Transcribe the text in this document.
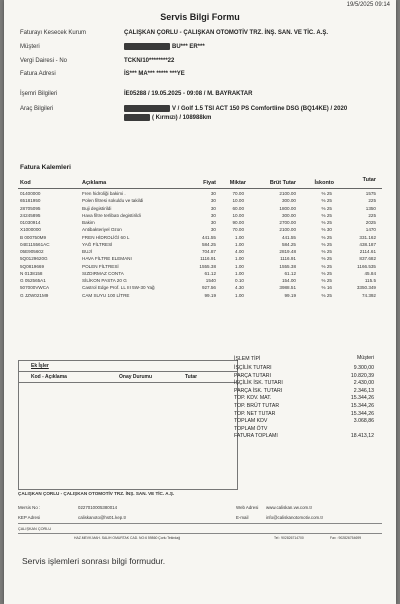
19/5/2025 09:14
Servis Bilgi Formu
Faturayı Kesecek Kurum	ÇALIŞKAN ÇORLU - ÇALIŞKAN OTOMOTİV TRZ. İNŞ. SAN. VE TİC. A.Ş.
Müşteri	BU*** ER***
Vergi Dairesi - No	TCKN/10********22
Fatura Adresi	İS*** MA*** ***** ***YE
İşemri Bilgileri	İE05288 / 19.05.2025 - 09:08 / M. BAYRAKTAR
Araç Bilgileri	V / Golf 1.5 TSI ACT 150 PS Comfortline DSG (BQ14KE) / 2020
( Kırmızı) / 108988km
Fatura Kalemleri
Kod	Açıklama	Fiyat	Miktar	Brüt Tutar	İskonto	Tutar
01400000	Fren hidroliği bakimi .	30	70.00	2100.00	% 25	1575
65181950	Polen filtresi sokuldu ve takildi	30	10.00	300.00	% 25	225
28705095	Buji degistirildi	30	60.00	1800.00	% 25	1350
24245895	Hava filtre terlibatı degistirildi	30	10.00	300.00	% 25	225
01030914	Bakim	30	90.00	2700.00	% 25	2025
X1000000	Antibakteriyel Ozon	30	70.00	2100.00	% 30	1470
B 000750M9	FREN HİDROLİĞİ 60 L	441.55	1.00	441.55	% 25	331.162
04E115561AC	YAĞ FİLTRESİ	584.25	1.00	584.25	% 25	438.187
05E905602	BUJİ	704.87	4.00	2819.48	% 25	2114.61
5Q0129620G	HAVA FİLTRE ELEMANI	1116.91	1.00	1116.91	% 25	837.682
5Q0819669	POLEN FİLTRESİ	1555.38	1.00	1555.38	% 25	1166.535
N 0138158	SIZDIRMAZ CONTA	61.12	1.00	61.12	% 25	45.84
G 052565A1	SİLİKON PASTA 20 G	1540	0.10	154.00	% 25	115.5
507000VWCA	Castrol Edge Prof. LL III 5W-30 Yağ	927.56	4.30	3988.51	% 16	3350.349
G JZW021M9	CAM SUYU 100 LİTRE	99.19	1.00	99.19	% 25	74.392
Ek İşler
Kod - Açıklama	Onay Durumu	Tutar
İŞLEM TİPİ	Müşteri
İŞÇİLİK TUTARI	9.300,00
PARÇA TUTARI	10.820,39
İŞÇİLİK İSK. TUTARI	2.430,00
PARÇA İSK. TUTARI	2.346,13
TOP. KDV. MAT.	15.344,26
TOP. BRÜT TUTAR	15.344,26
TOP. NET TUTAR	15.344,26
TOPLAM KDV	3.068,86
TOPLAM ÖTV
FATURA TOPLAMI	18.413,12
ÇALIŞKAN ÇORLU - ÇALIŞKAN OTOMOTİV TRZ. İNŞ. SAN. VE TİC. A.Ş.
Mersis No :	0227010005380014
KEP Adresi	caliskanoto@hs01.kep.tr
Web Adresi www.caliskan.vw.com.tr
E-mail	info@caliskanotomotiv.com.tr
ÇALIŞKAN ÇORLU
HAZ.MEVK.MAH. SALIH OMURTAK CAD. NO:6 59860 Çorlu Tekirdağ	Tel : 902826714700	Fax : 902826754699
Servis işlemleri sonrası bilgi formudur.
